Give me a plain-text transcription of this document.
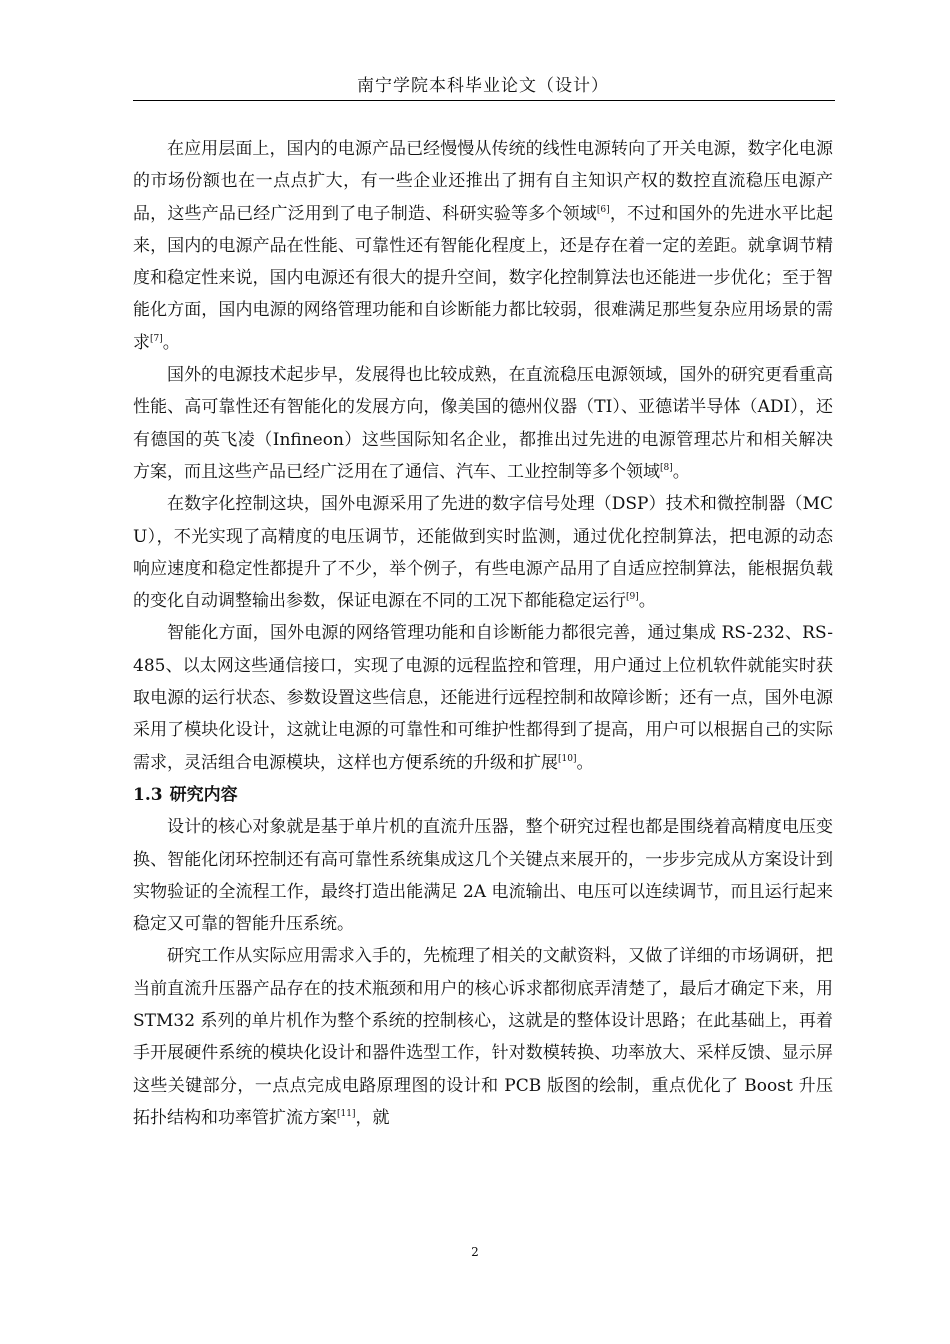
南宁学院本科毕业论文（设计）

在应用层面上，国内的电源产品已经慢慢从传统的线性电源转向了开关电源，数字化电源的市场份额也在一点点扩大，有一些企业还推出了拥有自主知识产权的数控直流稳压电源产品，这些产品已经广泛用到了电子制造、科研实验等多个领域[6]，不过和国外的先进水平比起来，国内的电源产品在性能、可靠性还有智能化程度上，还是存在着一定的差距。就拿调节精度和稳定性来说，国内电源还有很大的提升空间，数字化控制算法也还能进一步优化；至于智能化方面，国内电源的网络管理功能和自诊断能力都比较弱，很难满足那些复杂应用场景的需求[7]。

国外的电源技术起步早，发展得也比较成熟，在直流稳压电源领域，国外的研究更看重高性能、高可靠性还有智能化的发展方向，像美国的德州仪器（TI）、亚德诺半导体（ADI），还有德国的英飞凌（Infineon）这些国际知名企业，都推出过先进的电源管理芯片和相关解决方案，而且这些产品已经广泛用在了通信、汽车、工业控制等多个领域[8]。

在数字化控制这块，国外电源采用了先进的数字信号处理（DSP）技术和微控制器（MCU），不光实现了高精度的电压调节，还能做到实时监测，通过优化控制算法，把电源的动态响应速度和稳定性都提升了不少，举个例子，有些电源产品用了自适应控制算法，能根据负载的变化自动调整输出参数，保证电源在不同的工况下都能稳定运行[9]。

智能化方面，国外电源的网络管理功能和自诊断能力都很完善，通过集成 RS-232、RS-485、以太网这些通信接口，实现了电源的远程监控和管理，用户通过上位机软件就能实时获取电源的运行状态、参数设置这些信息，还能进行远程控制和故障诊断；还有一点，国外电源采用了模块化设计，这就让电源的可靠性和可维护性都得到了提高，用户可以根据自己的实际需求，灵活组合电源模块，这样也方便系统的升级和扩展[10]。

1.3 研究内容

设计的核心对象就是基于单片机的直流升压器，整个研究过程也都是围绕着高精度电压变换、智能化闭环控制还有高可靠性系统集成这几个关键点来展开的，一步步完成从方案设计到实物验证的全流程工作，最终打造出能满足 2A 电流输出、电压可以连续调节，而且运行起来稳定又可靠的智能升压系统。

研究工作从实际应用需求入手的，先梳理了相关的文献资料，又做了详细的市场调研，把当前直流升压器产品存在的技术瓶颈和用户的核心诉求都彻底弄清楚了，最后才确定下来，用 STM32 系列的单片机作为整个系统的控制核心，这就是的整体设计思路；在此基础上，再着手开展硬件系统的模块化设计和器件选型工作，针对数模转换、功率放大、采样反馈、显示屏这些关键部分，一点点完成电路原理图的设计和 PCB 版图的绘制，重点优化了 Boost 升压拓扑结构和功率管扩流方案[11]，就

2
